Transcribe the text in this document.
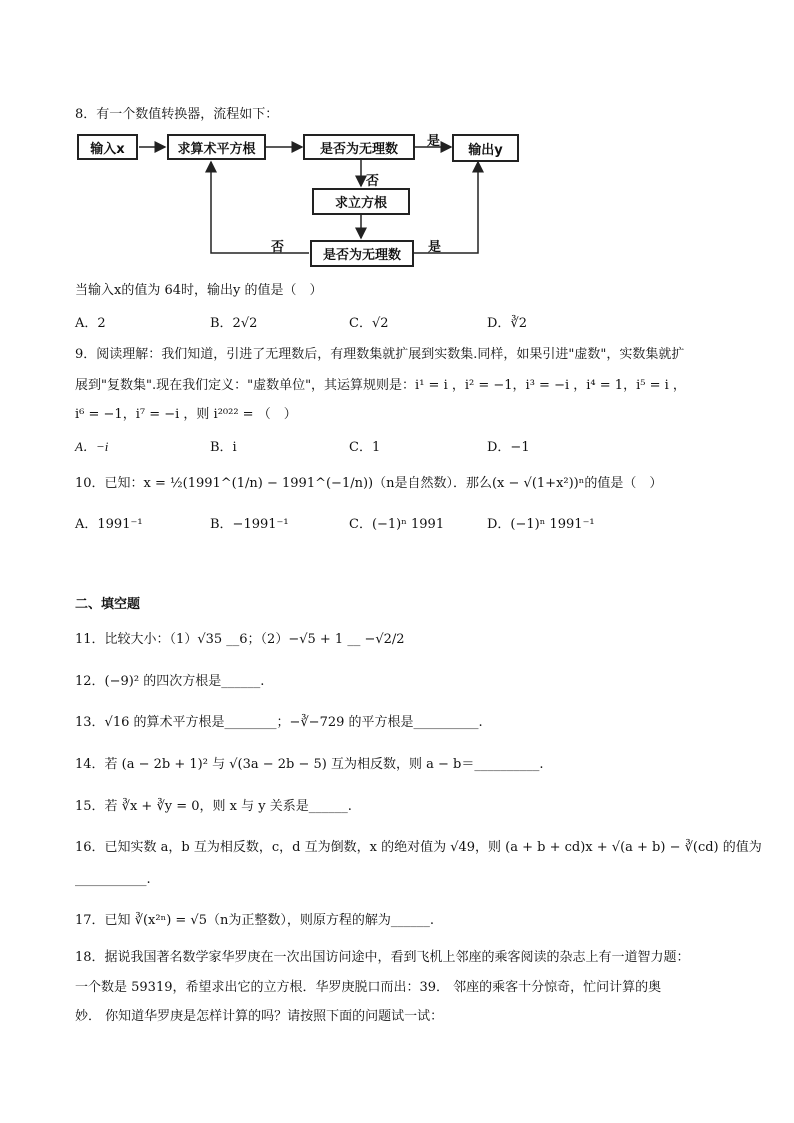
8．有一个数值转换器，流程如下：
输入x	求算术平方根	是否为无理数	输出y
求立方根
是否为无理数
是
否
否	是
当输入x的值为 64时，输出y 的值是（　）
A．2	B．2√2	C．√2	D．∛2
9．阅读理解：我们知道，引进了无理数后，有理数集就扩展到实数集.同样，如果引进"虚数"，实数集就扩
展到"复数集".现在我们定义："虚数单位"，其运算规则是：i¹ = i ，i² = −1，i³ = −i ，i⁴ = 1，i⁵ = i ，
i⁶ = −1，i⁷ = −i ，则 i²⁰²² = （　）
A．−i	B．i	C．1	D．−1
10．已知：x = ½(1991^(1/n) − 1991^(−1/n))（n是自然数）．那么(x − √(1+x²))ⁿ的值是（　）
A．1991⁻¹	B．−1991⁻¹	C．(−1)ⁿ 1991	D．(−1)ⁿ 1991⁻¹
二、填空题
11．比较大小：（1）√35 __6；（2）−√5 + 1 __ −√2/2
12．(−9)² 的四次方根是______.
13．√16 的算术平方根是________；−∛−729 的平方根是__________.
14．若 (a − 2b + 1)² 与 √(3a − 2b − 5) 互为相反数，则 a − b＝__________.
15．若 ∛x + ∛y = 0，则 x 与 y 关系是______.
16．已知实数 a，b 互为相反数，c，d 互为倒数，x 的绝对值为 √49，则 (a + b + cd)x + √(a + b) − ∛(cd) 的值为
___________.
17．已知 ∛(x²ⁿ) = √5（n为正整数），则原方程的解为______.
18．据说我国著名数学家华罗庚在一次出国访问途中，看到飞机上邻座的乘客阅读的杂志上有一道智力题：
一个数是 59319，希望求出它的立方根．华罗庚脱口而出：39． 邻座的乘客十分惊奇，忙问计算的奥
妙． 你知道华罗庚是怎样计算的吗？请按照下面的问题试一试：
